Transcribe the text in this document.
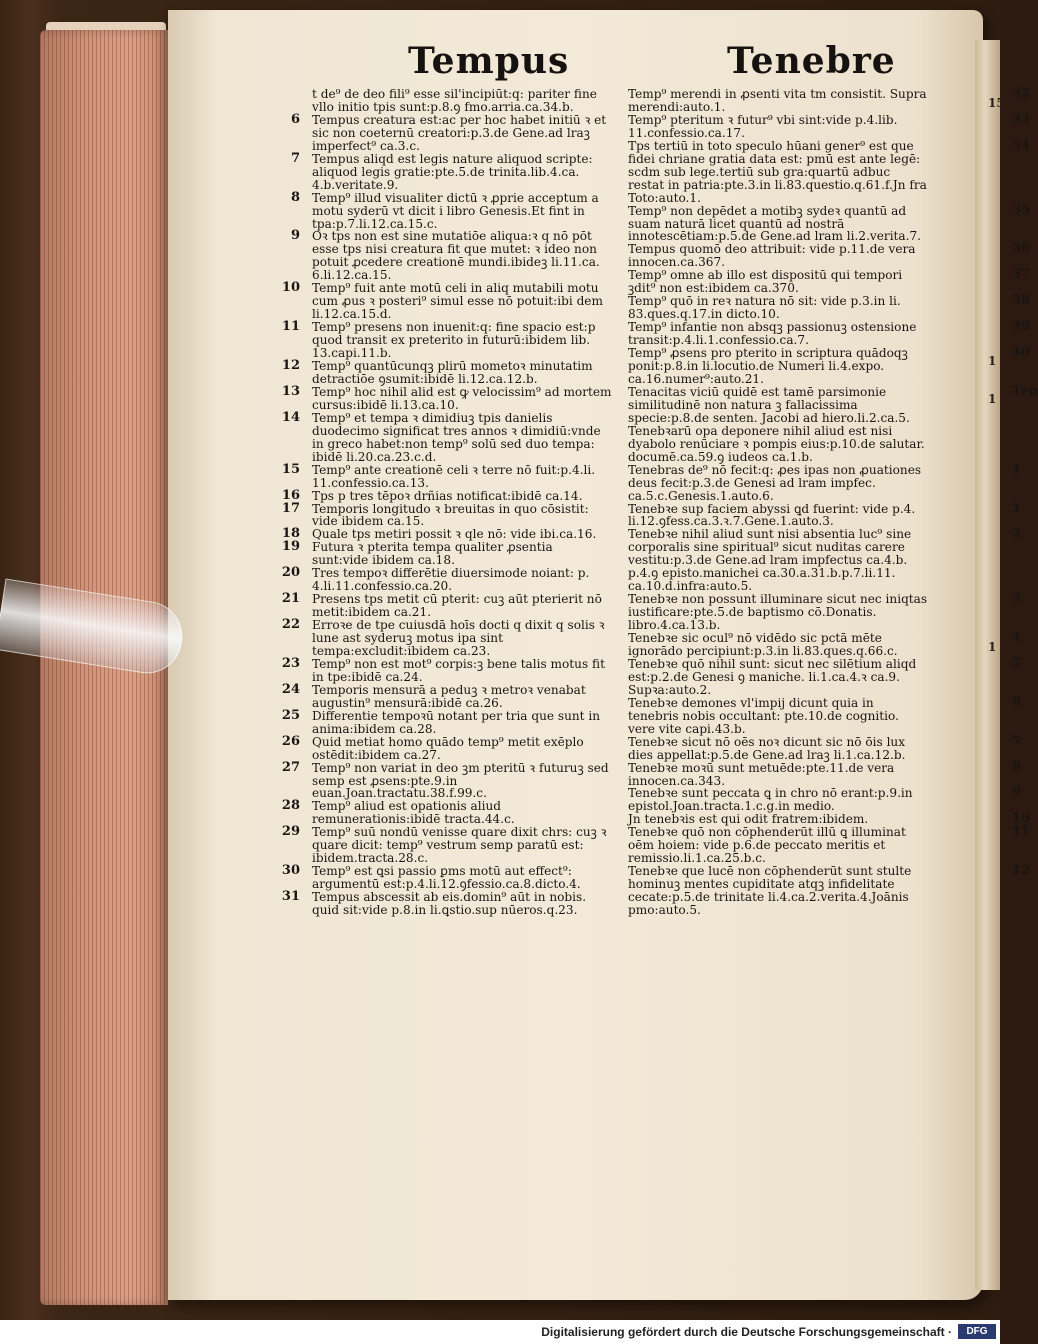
15
1
1
1
Tempus	Tenebre
t de⁹ de deo fili⁹ esse sil'incipiūt:q: pariter fine vllo initio tpis sunt:p.8.ꝯ fmo.arria.ca.34.b.
6 Tempus creatura est:ac per hoc habet initiū ꝛ et sic non coeternū creatori:p.3.de Gene.ad lraꝫ imperfect⁹ ca.3.c.
7 Tempus aliqd est legis nature aliquod scripte: aliquod legis gratie:pte.5.de trinita.lib.4.ca. 4.b.veritate.9.
8 Temp⁹ illud visualiter dictū ꝛ ꝓprie acceptum a motu syderū vt dicit i libro Genesis.Et fint in tpa:p.7.li.12.ca.15.c.
9 Oꝛ tps non est sine mutatiōe aliqua:ꝛ q nō pōt esse tps nisi creatura fit que mutet: ꝛ ideo non potuit ꝓcedere creationē mundi.ibideꝫ li.11.ca. 6.li.12.ca.15.
10 Temp⁹ fuit ante motū celi in aliq mutabili motu cum ꝓus ꝛ posteri⁹ simul esse nō potuit:ibi dem li.12.ca.15.d.
11 Temp⁹ presens non inuenit:q: fine spacio est:p quod transit ex preterito in futurū:ibidem lib. 13.capi.11.b.
12 Temp⁹ quantūcunqꝫ plirū mometoꝛ minutatim detractiōe ꝯsumit:ibidē li.12.ca.12.b.
13 Temp⁹ hoc nihil alid est ꝙ velocissim⁹ ad mortem cursus:ibidē li.13.ca.10.
14 Temp⁹ et tempa ꝛ dimidiuꝫ tpis danielis duodecimo significat tres annos ꝛ dimidiū:vnde in greco habet:non temp⁹ solū sed duo tempa: ibidē li.20.ca.23.c.d.
15 Temp⁹ ante creationē celi ꝛ terre nō fuit:p.4.li. 11.confessio.ca.13.
16 Tps p tres tēpoꝛ drñias notificat:ibidē ca.14.
17 Temporis longitudo ꝛ breuitas in quo cōsistit: vide ibidem ca.15.
18 Quale tps metiri possit ꝛ qle nō: vide ibi.ca.16.
19 Futura ꝛ pterita tempa qualiter ꝓsentia sunt:vide ibidem ca.18.
20 Tres tempoꝛ differētie diuersimode noiant: p. 4.li.11.confessio.ca.20.
21 Presens tps metit cū pterit: cuꝫ aūt pterierit nō metit:ibidem ca.21.
22 Erroꝛe de tpe cuiusdā hoīs docti q dixit q solis ꝛ lune ast syderuꝫ motus ipa sint tempa:excludit:ibidem ca.23.
23 Temp⁹ non est mot⁹ corpis:ꝫ bene talis motus fit in tpe:ibidē ca.24.
24 Temporis mensurā a peduꝫ ꝛ metroꝛ venabat augustin⁹ mensurā:ibidē ca.26.
25 Differentie tempoꝛū notant per tria que sunt in anima:ibidem ca.28.
26 Quid metiat homo quādo temp⁹ metit exēplo ostēdit:ibidem ca.27.
27 Temp⁹ non variat in deo ꝫm pteritū ꝛ futuruꝫ sed semp est ꝓsens:pte.9.in euan.Joan.tractatu.38.f.99.c.
28 Temp⁹ aliud est opationis aliud remunerationis:ibidē tracta.44.c.
29 Temp⁹ suū nondū venisse quare dixit chrs: cuꝫ ꝛ quare dicit: temp⁹ vestrum semp paratū est: ibidem.tracta.28.c.
30 Temp⁹ est ꝗsi passio ꝑms motū aut effect⁹: argumentū est:p.4.li.12.ꝯfessio.ca.8.dicto.4.
31 Tempus abscessit ab eis.domin⁹ aūt in nobis. quid sit:vide p.8.in li.ꝗstio.sup nūeros.q.23.
32
Temp⁹ merendi in ꝓsenti vita tm consistit. Supra merendi:auto.1.
33
Temp⁹ pteritum ꝛ futur⁹ vbi sint:vide p.4.lib. 11.confessio.ca.17.
34
Tps tertiū in toto speculo hūani gener⁹ est que fidei chriane gratia data est: pmū est ante legē: scdm sub lege.tertiū sub gra:quartū adbuc restat in patria:pte.3.in li.83.questio.q.61.f.Jn fra Toto:auto.1.
35
Temp⁹ non depēdet a motibꝫ sydeꝛ quantū ad suam naturā licet quantū ad nostrā innotescētiam:p.5.de Gene.ad lram li.2.verita.7.
36
Tempus quomō deo attribuit: vide p.11.de vera innocen.ca.367.
37
Temp⁹ omne ab illo est dispositū qui tempori ꝫdit⁹ non est:ibidem ca.370.
38
Temp⁹ quō in reꝛ natura nō sit: vide p.3.in li. 83.ques.q.17.in dicto.10.
39
Temp⁹ infantie non absqꝫ passionuꝫ ostensione transit:p.4.li.1.confessio.ca.7.
40
Temp⁹ ꝓsens pro pterito in scriptura quādoqꝫ ponit:p.8.in li.locutio.de Numeri li.4.expo. ca.16.numer⁹:auto.21.
Ten
Tenacitas viciū quidē est tamē parsimonie similitudinē non natura ꝫ fallacissima specie:p.8.de senten. Jacobi ad hiero.li.2.ca.5.
Tenebꝛarū opa deponere nihil aliud est nisi dyabolo renūciare ꝛ pompis eius:p.10.de salutar. documē.ca.59.ꝯ iudeos ca.1.b.
1
Tenebras de⁹ nō fecit:q: ꝓes ipas non ꝓuationes deus fecit:p.3.de Genesi ad lram impfec. ca.5.c.Genesis.1.auto.6.
1
Tenebꝛe sup faciem abyssi ꝗd fuerint: vide p.4. li.12.ꝯfess.ca.3.ꝛ.7.Gene.1.auto.3.
2
Tenebꝛe nihil aliud sunt nisi absentia luc⁹ sine corporalis sine spiritual⁹ sicut nuditas carere vestitu:p.3.de Gene.ad lram impfectus ca.4.b. p.4.ꝯ episto.manichei ca.30.a.31.b.p.7.li.11. ca.10.d.infra:auto.5.
3
Tenebꝛe non possunt illuminare sicut nec iniqtas iustificare:pte.5.de baptismo cō.Donatis. libro.4.ca.13.b.
4
Tenebꝛe sic ocul⁹ nō vidēdo sic pctā mēte ignorādo percipiunt:p.3.in li.83.ques.q.66.c.
5
Tenebꝛe quō nihil sunt: sicut nec silētium aliqd est:p.2.de Genesi ꝯ maniche. li.1.ca.4.ꝛ ca.9. Supꝛa:auto.2.
6
Tenebꝛe demones vl'impij dicunt quia in tenebris nobis occultant: pte.10.de cognitio. vere vite capi.43.b.
7
Tenebꝛe sicut nō oēs noꝛ dicunt sic nō ōis lux dies appellat:p.5.de Gene.ad lraꝫ li.1.ca.12.b.
8
Tenebꝛe moꝛū sunt metuēde:pte.11.de vera innocen.ca.343.
9
Tenebꝛe sunt peccata ꝗ in chro nō erant:p.9.in epistol.Joan.tracta.1.c.g.in medio.
10
Jn tenebꝛis est qui odit fratrem:ibidem.
11
Tenebꝛe quō non cōphenderūt illū ꝗ illuminat oēm hoiem: vide p.6.de peccato meritis et remissio.li.1.ca.25.b.c.
12
Tenebꝛe que lucē non cōphenderūt sunt stulte hominuꝫ mentes cupiditate atqꝫ infidelitate cecate:p.5.de trinitate li.4.ca.2.verita.4.Joānis pmo:auto.5.
Digitalisierung gefördert durch die Deutsche Forschungsgemeinschaft ·	DFG
